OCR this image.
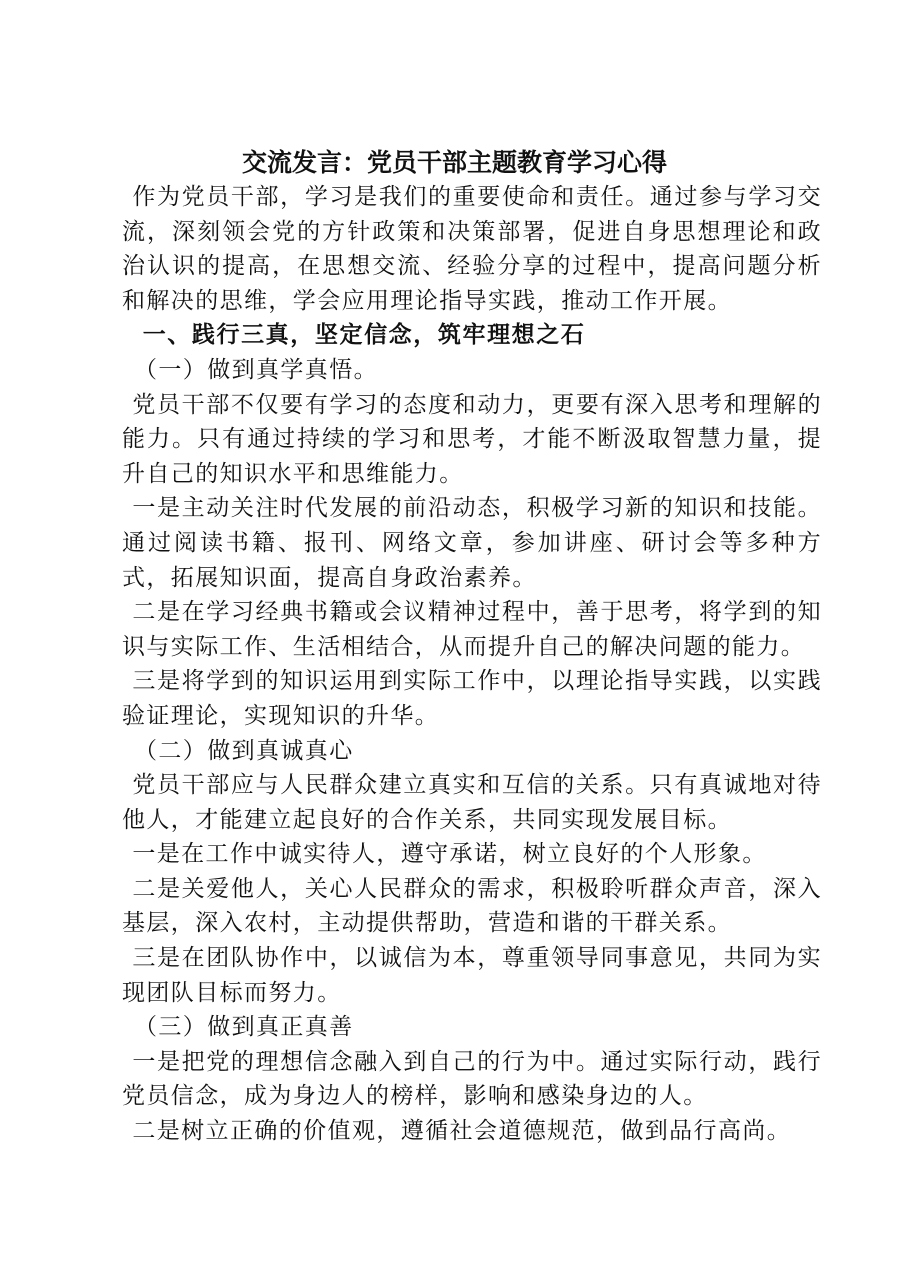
交流发言：党员干部主题教育学习心得

作为党员干部，学习是我们的重要使命和责任。通过参与学习交流，深刻领会党的方针政策和决策部署，促进自身思想理论和政治认识的提高，在思想交流、经验分享的过程中，提高问题分析和解决的思维，学会应用理论指导实践，推动工作开展。

一、践行三真，坚定信念，筑牢理想之石

（一）做到真学真悟。

党员干部不仅要有学习的态度和动力，更要有深入思考和理解的能力。只有通过持续的学习和思考，才能不断汲取智慧力量，提升自己的知识水平和思维能力。

一是主动关注时代发展的前沿动态，积极学习新的知识和技能。通过阅读书籍、报刊、网络文章，参加讲座、研讨会等多种方式，拓展知识面，提高自身政治素养。

二是在学习经典书籍或会议精神过程中，善于思考，将学到的知识与实际工作、生活相结合，从而提升自己的解决问题的能力。

三是将学到的知识运用到实际工作中，以理论指导实践，以实践验证理论，实现知识的升华。

（二）做到真诚真心

党员干部应与人民群众建立真实和互信的关系。只有真诚地对待他人，才能建立起良好的合作关系，共同实现发展目标。

一是在工作中诚实待人，遵守承诺，树立良好的个人形象。

二是关爱他人，关心人民群众的需求，积极聆听群众声音，深入基层，深入农村，主动提供帮助，营造和谐的干群关系。

三是在团队协作中，以诚信为本，尊重领导同事意见，共同为实现团队目标而努力。

（三）做到真正真善

一是把党的理想信念融入到自己的行为中。通过实际行动，践行党员信念，成为身边人的榜样，影响和感染身边的人。

二是树立正确的价值观，遵循社会道德规范，做到品行高尚。
